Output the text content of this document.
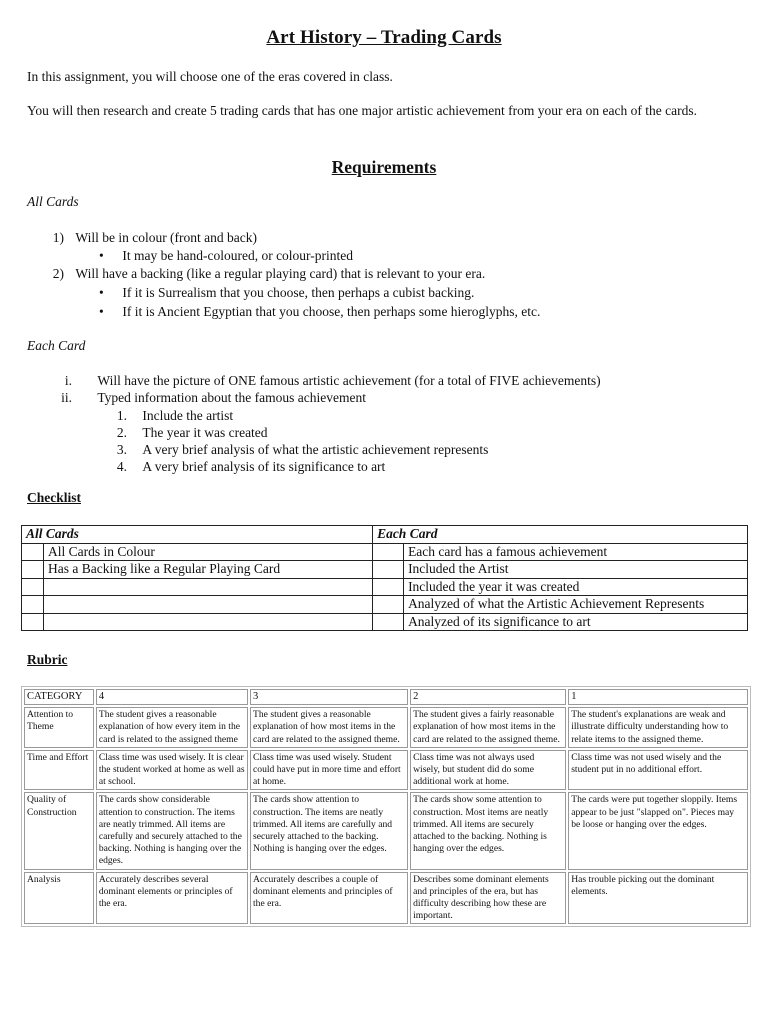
Art History – Trading Cards
In this assignment, you will choose one of the eras covered in class.
You will then research and create 5 trading cards that has one major artistic achievement from your era on each of the cards.
Requirements
All Cards
1) Will be in colour (front and back)
• It may be hand-coloured, or colour-printed
2) Will have a backing (like a regular playing card) that is relevant to your era.
• If it is Surrealism that you choose, then perhaps a cubist backing.
• If it is Ancient Egyptian that you choose, then perhaps some hieroglyphs, etc.
Each Card
i. Will have the picture of ONE famous artistic achievement (for a total of FIVE achievements)
ii. Typed information about the famous achievement
1. Include the artist
2. The year it was created
3. A very brief analysis of what the artistic achievement represents
4. A very brief analysis of its significance to art
Checklist
All Cards		Each Card	
	All Cards in Colour		Each card has a famous achievement
	Has a Backing like a Regular Playing Card		Included the Artist
			Included the year it was created
			Analyzed of what the Artistic Achievement Represents
			Analyzed of its significance to art
Rubric
CATEGORY	4	3	2	1
Attention to Theme	The student gives a reasonable explanation of how every item in the card is related to the assigned theme	The student gives a reasonable explanation of how most items in the card are related to the assigned theme.	The student gives a fairly reasonable explanation of how most items in the card are related to the assigned theme.	The student's explanations are weak and illustrate difficulty understanding how to relate items to the assigned theme.
Time and Effort	Class time was used wisely. It is clear the student worked at home as well as at school.	Class time was used wisely. Student could have put in more time and effort at home.	Class time was not always used wisely, but student did do some additional work at home.	Class time was not used wisely and the student put in no additional effort.
Quality of Construction	The cards show considerable attention to construction. The items are neatly trimmed. All items are carefully and securely attached to the backing. Nothing is hanging over the edges.	The cards show attention to construction. The items are neatly trimmed. All items are carefully and securely attached to the backing. Nothing is hanging over the edges.	The cards show some attention to construction. Most items are neatly trimmed. All items are securely attached to the backing. Nothing is hanging over the edges.	The cards were put together sloppily. Items appear to be just "slapped on". Pieces may be loose or hanging over the edges.
Analysis	Accurately describes several dominant elements or principles of the era.	Accurately describes a couple of dominant elements and principles of the era.	Describes some dominant elements and principles of the era, but has difficulty describing how these are important.	Has trouble picking out the dominant elements.
